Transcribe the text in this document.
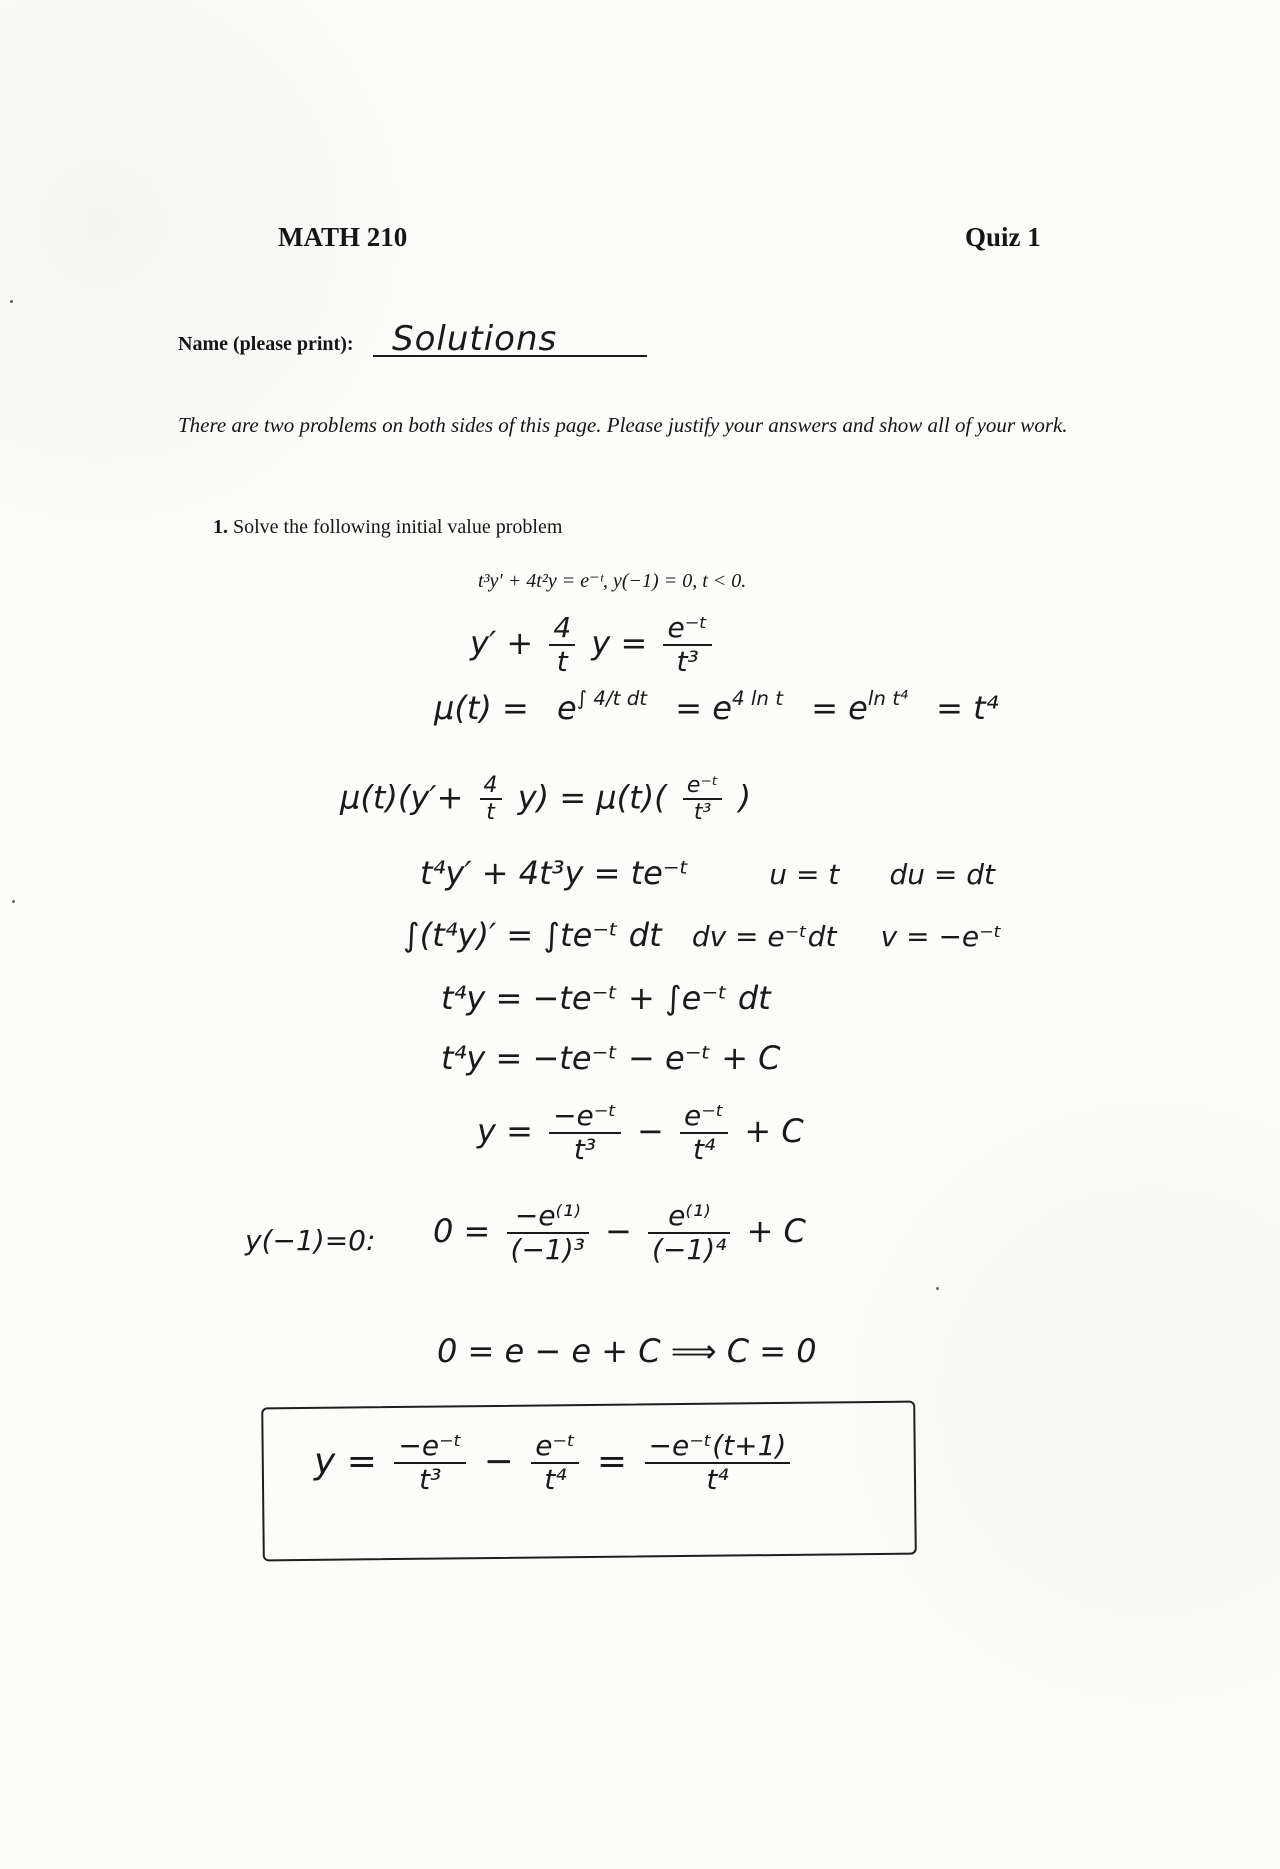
MATH 210	Quiz 1
Name (please print): Solutions
There are two problems on both sides of this page. Please justify your answers and show all of your work.
1. Solve the following initial value problem
t³y′ + 4t²y = e⁻ᵗ, y(−1) = 0, t < 0.
$y' + \frac{4}{t}$ $y = \frac{\text{e⁻ᵗ}}{\text{t³}}$
$\mu(t) = e^{\int 4/t dt} = e^{4 ln t} = e^{ln t^4} = t^4$
$\mu(t)(y'+ \frac{4}{t} y) = \mu(t)( \frac{\text{e⁻ᵗ}}{\text{t³}}$ )
t⁴y′ + 4t³y = te⁻ᵗ	u = t du = dt
∫(t⁴y)′ = ∫te⁻ᵗ dt dv = e⁻ᵗdt v = −e⁻ᵗ
t⁴y = −te⁻ᵗ + ∫e⁻ᵗ dt
t⁴y = −te⁻ᵗ − e⁻ᵗ + C
$y = \frac{\text{−e⁻ᵗ}}{\text{t³}} - \frac{\text{e⁻ᵗ}}{\text{t⁴}} + C$
y(−1)=0: $0 = \frac{\text{−e⁽¹⁾}}{\text{(−1)³}} - \frac{\text{e⁽¹⁾}}{\text{(−1)⁴}} + C$
0 = e − e + C ⟹ C = 0
$y = \frac{\text{−e⁻ᵗ}}{\text{t³}} - \frac{\text{e⁻ᵗ}}{\text{t⁴}} = \frac{\text{−e⁻ᵗ(t+1)}}{\text{t⁴}}$
